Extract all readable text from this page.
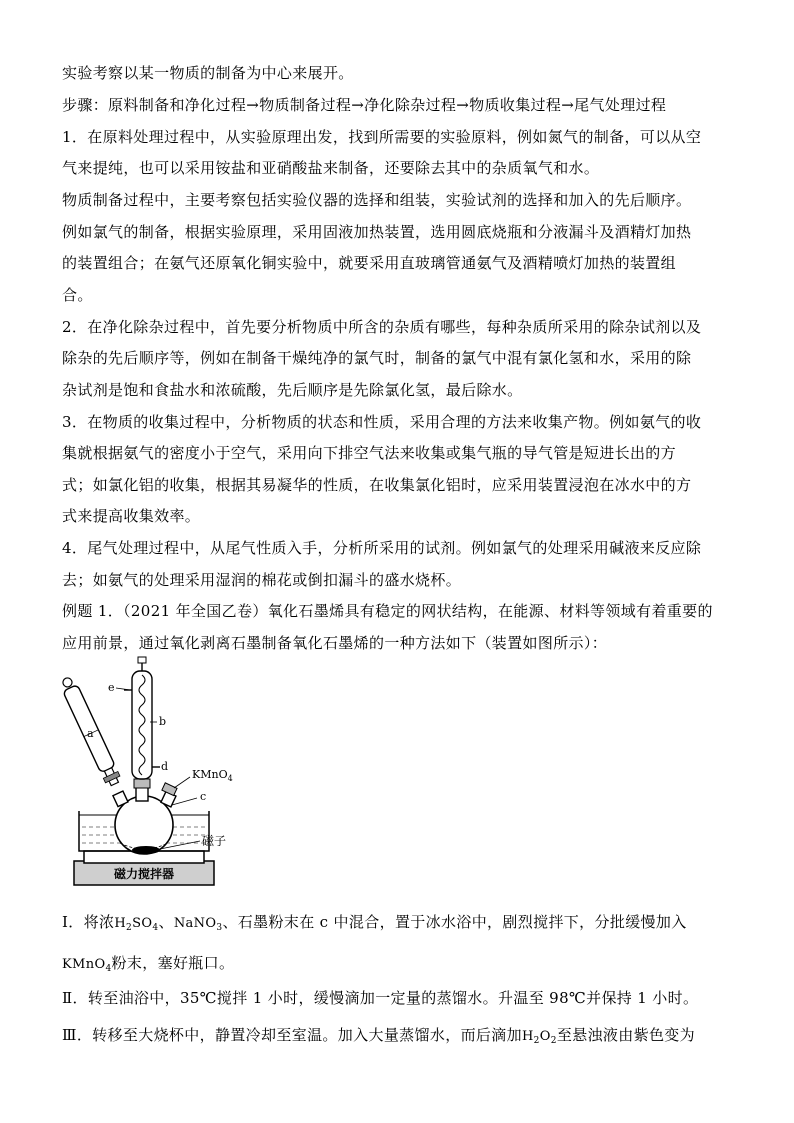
实验考察以某一物质的制备为中心来展开。
步骤：原料制备和净化过程→物质制备过程→净化除杂过程→物质收集过程→尾气处理过程
1．在原料处理过程中，从实验原理出发，找到所需要的实验原料，例如氮气的制备，可以从空
气来提纯，也可以采用铵盐和亚硝酸盐来制备，还要除去其中的杂质氧气和水。
物质制备过程中，主要考察包括实验仪器的选择和组装，实验试剂的选择和加入的先后顺序。
例如氯气的制备，根据实验原理，采用固液加热装置，选用圆底烧瓶和分液漏斗及酒精灯加热
的装置组合；在氨气还原氧化铜实验中，就要采用直玻璃管通氨气及酒精喷灯加热的装置组
合。
2．在净化除杂过程中，首先要分析物质中所含的杂质有哪些，每种杂质所采用的除杂试剂以及
除杂的先后顺序等，例如在制备干燥纯净的氯气时，制备的氯气中混有氯化氢和水，采用的除
杂试剂是饱和食盐水和浓硫酸，先后顺序是先除氯化氢，最后除水。
3．在物质的收集过程中，分析物质的状态和性质，采用合理的方法来收集产物。例如氨气的收
集就根据氨气的密度小于空气，采用向下排空气法来收集或集气瓶的导气管是短进长出的方
式；如氯化铝的收集，根据其易凝华的性质，在收集氯化铝时，应采用装置浸泡在冰水中的方
式来提高收集效率。
4．尾气处理过程中，从尾气性质入手，分析所采用的试剂。例如氯气的处理采用碱液来反应除
去；如氨气的处理采用湿润的棉花或倒扣漏斗的盛水烧杯。
例题 1．（2021 年全国乙卷）氧化石墨烯具有稳定的网状结构，在能源、材料等领域有着重要的
应用前景，通过氧化剥离石墨制备氧化石墨烯的一种方法如下（装置如图所示）：
磁力搅拌器
e
a
b
d
KMnO$_4$
c
磁子
Ⅰ．将浓$H_2SO_4$、NaNO$_3$、石墨粉末在 c 中混合，置于冰水浴中，剧烈搅拌下，分批缓慢加入
KMnO$_4$粉末，塞好瓶口。
Ⅱ．转至油浴中，35℃搅拌 1 小时，缓慢滴加一定量的蒸馏水。升温至 98℃并保持 1 小时。
Ⅲ．转移至大烧杯中，静置冷却至室温。加入大量蒸馏水，而后滴加$H_2O_2$至悬浊液由紫色变为
